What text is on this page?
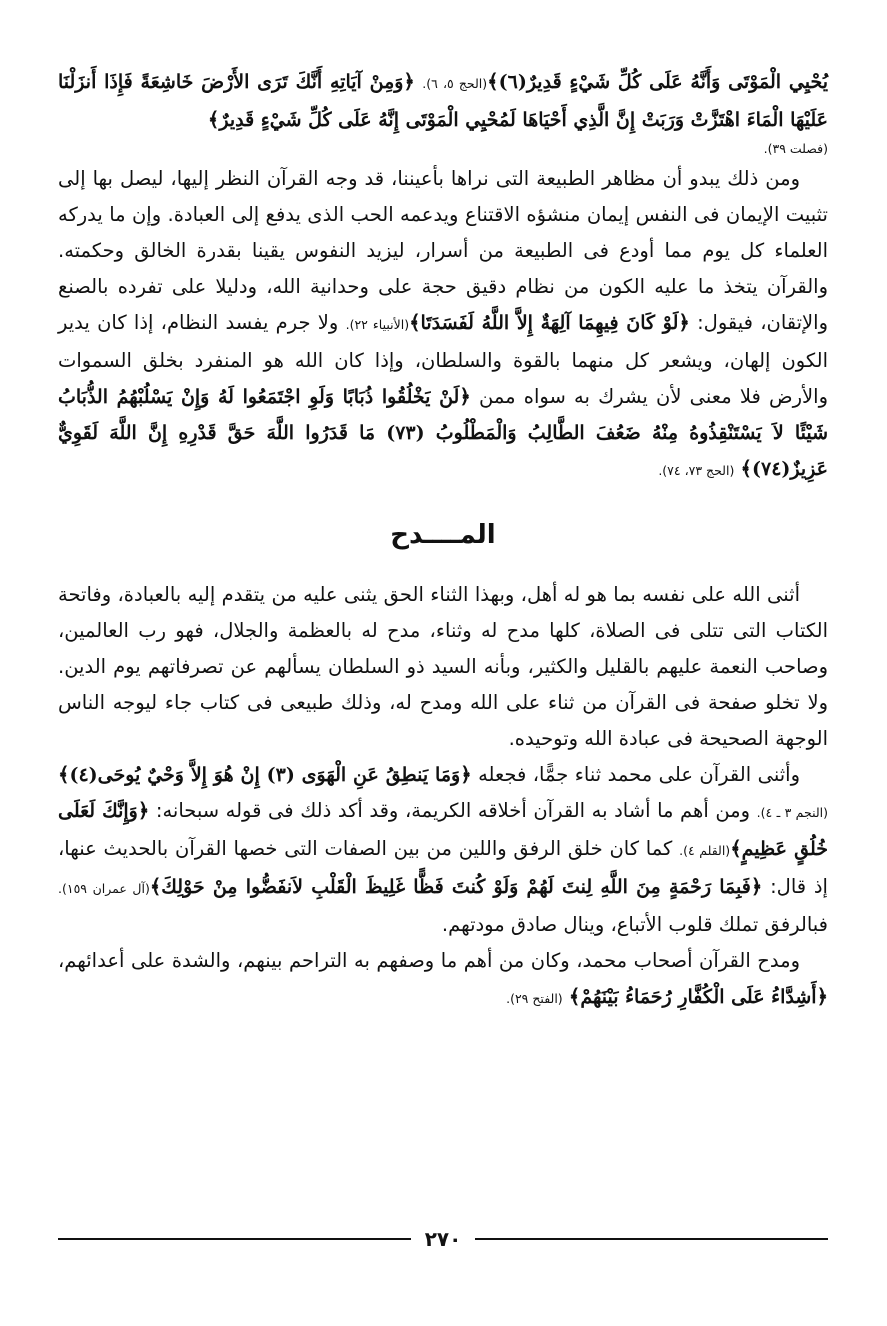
يُحْيِي الْمَوْتَى وَأَنَّهُ عَلَى كُلِّ شَيْءٍ قَدِيرٌ(٦)﴾(الحج ٥، ٦). ﴿وَمِنْ آيَاتِهِ أَنَّكَ تَرَى الأَرْضَ خَاشِعَةً فَإِذَا أَنزَلْنَا عَلَيْهَا الْمَاءَ اهْتَزَّتْ وَرَبَتْ إِنَّ الَّذِي أَحْيَاهَا لَمُحْيِي الْمَوْتَى إِنَّهُ عَلَى كُلِّ شَيْءٍ قَدِيرٌ﴾

(فصلت ٣٩).

ومن ذلك يبدو أن مظاهر الطبيعة التى نراها بأعيننا، قد وجه القرآن النظر إليها، ليصل بها إلى تثبيت الإيمان فى النفس إيمان منشؤه الاقتناع ويدعمه الحب الذى يدفع إلى العبادة. وإن ما يدركه العلماء كل يوم مما أودع فى الطبيعة من أسرار، ليزيد النفوس يقينا بقدرة الخالق وحكمته. والقرآن يتخذ ما عليه الكون من نظام دقيق حجة على وحدانية الله، ودليلا على تفرده بالصنع والإتقان، فيقول: ﴿لَوْ كَانَ فِيهِمَا آلِهَةٌ إِلاَّ اللَّهُ لَفَسَدَتَا﴾(الأنبياء ٢٢). ولا جرم يفسد النظام، إذا كان يدير الكون إلهان، ويشعر كل منهما بالقوة والسلطان، وإذا كان الله هو المنفرد بخلق السموات والأرض فلا معنى لأن يشرك به سواه ممن ﴿لَنْ يَخْلُقُوا ذُبَابًا وَلَوِ اجْتَمَعُوا لَهُ وَإِنْ يَسْلُبْهُمُ الذُّبَابُ شَيْئًا لاَ يَسْتَنْقِذُوهُ مِنْهُ ضَعُفَ الطَّالِبُ وَالْمَطْلُوبُ (٧٣) مَا قَدَرُوا اللَّهَ حَقَّ قَدْرِهِ إِنَّ اللَّهَ لَقَوِيٌّ عَزِيزٌ(٧٤)﴾ (الحج ٧٣، ٧٤).

المــــدح

أثنى الله على نفسه بما هو له أهل، وبهذا الثناء الحق يثنى عليه من يتقدم إليه بالعبادة، وفاتحة الكتاب التى تتلى فى الصلاة، كلها مدح له وثناء، مدح له بالعظمة والجلال، فهو رب العالمين، وصاحب النعمة عليهم بالقليل والكثير، وبأنه السيد ذو السلطان يسألهم عن تصرفاتهم يوم الدين. ولا تخلو صفحة فى القرآن من ثناء على الله ومدح له، وذلك طبيعى فى كتاب جاء ليوجه الناس الوجهة الصحيحة فى عبادة الله وتوحيده.

وأثنى القرآن على محمد ثناء جمًّا، فجعله ﴿وَمَا يَنطِقُ عَنِ الْهَوَى (٣) إِنْ هُوَ إِلاَّ وَحْيٌ يُوحَى(٤)﴾(النجم ٣ ـ ٤). ومن أهم ما أشاد به القرآن أخلاقه الكريمة، وقد أكد ذلك فى قوله سبحانه: ﴿وَإِنَّكَ لَعَلَى خُلُقٍ عَظِيمٍ﴾(القلم ٤). كما كان خلق الرفق واللين من بين الصفات التى خصها القرآن بالحديث عنها، إذ قال: ﴿فَبِمَا رَحْمَةٍ مِنَ اللَّهِ لِنتَ لَهُمْ وَلَوْ كُنتَ فَظًّا غَلِيظَ الْقَلْبِ لاَنفَضُّوا مِنْ حَوْلِكَ﴾(آل عمران ١٥٩). فبالرفق تملك قلوب الأتباع، وينال صادق مودتهم.

ومدح القرآن أصحاب محمد، وكان من أهم ما وصفهم به التراحم بينهم، والشدة على أعدائهم، ﴿أَشِدَّاءُ عَلَى الْكُفَّارِ رُحَمَاءُ بَيْنَهُمْ﴾ (الفتح ٢٩).

٢٧٠
